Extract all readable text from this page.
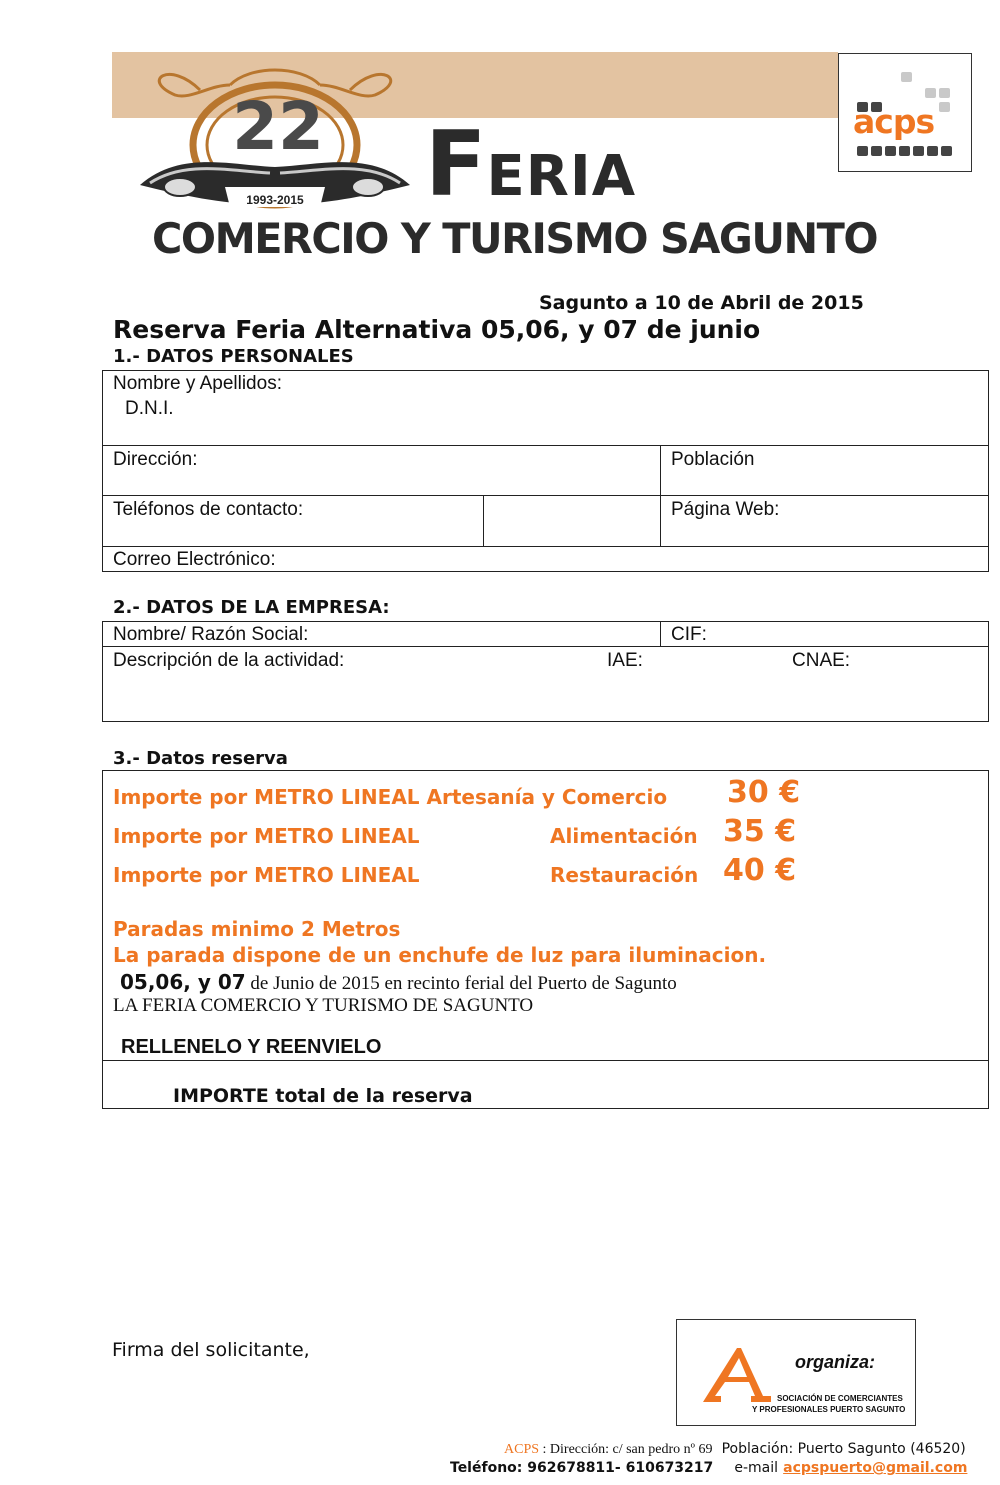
22
1993-2015 FERIA
acps
COMERCIO Y TURISMO SAGUNTO
Sagunto a 10 de Abril de 2015
Reserva Feria Alternativa 05,06, y 07 de junio
1.- DATOS PERSONALES
Nombre y Apellidos:
D.N.I.
Dirección:	Población
Teléfonos de contacto:	Página Web:
Correo Electrónico:
2.- DATOS DE LA EMPRESA:
Nombre/ Razón Social:	CIF:
Descripción de la actividad:	IAE:	CNAE:
3.- Datos reserva
Importe por METRO LINEAL Artesanía y Comercio 30 €
Importe por METRO LINEAL	Alimentación 35 €
Importe por METRO LINEAL	Restauración 40 €
Paradas minimo 2 Metros
La parada dispone de un enchufe de luz para iluminacion.
05,06, y 07 de Junio de 2015 en recinto ferial del Puerto de Sagunto
LA FERIA COMERCIO Y TURISMO DE SAGUNTO
RELLENELO Y REENVIELO
IMPORTE total de la reserva
Firma del solicitante,
organiza:
SOCIACIÓN DE COMERCIANTES
Y PROFESIONALES PUERTO SAGUNTO
ACPS : Dirección: c/ san pedro nº 69 Población: Puerto Sagunto (46520)
Teléfono: 962678811- 610673217 e-mail acpspuerto@gmail.com
